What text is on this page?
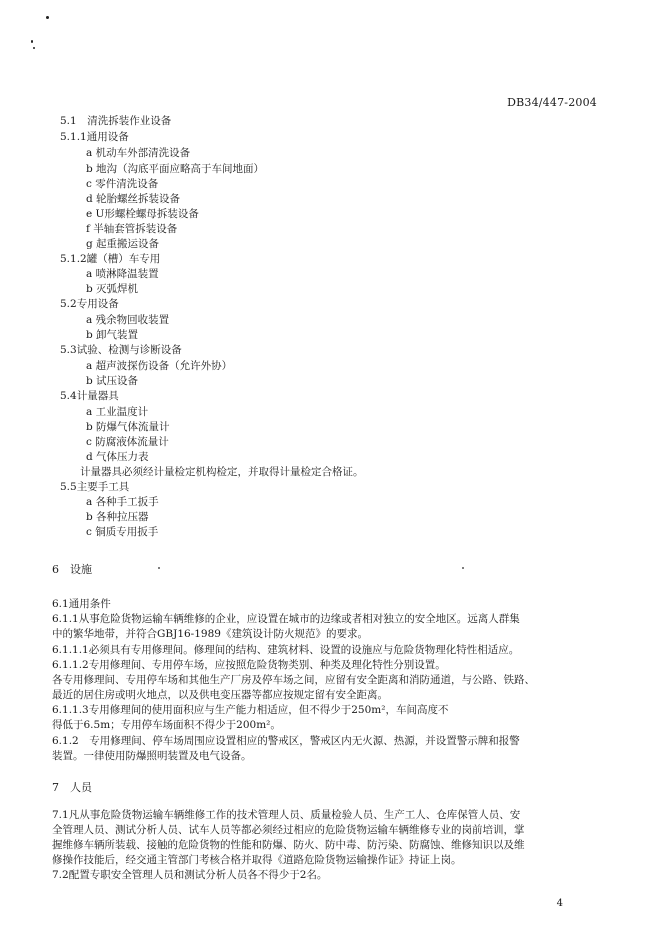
DB34/447-2004
5.1　清洗拆装作业设备
5.1.1通用设备
a 机动车外部清洗设备
b 地沟（沟底平面应略高于车间地面）
c 零件清洗设备
d 轮胎螺丝拆装设备
e U形螺栓螺母拆装设备
f 半轴套管拆装设备
g 起重搬运设备
5.1.2罐（槽）车专用
a 喷淋降温装置
b 灭弧焊机
5.2专用设备
a 残余物回收装置
b 卸气装置
5.3试验、检测与诊断设备
a 超声波探伤设备（允许外协）
b 试压设备
5.4计量器具
a 工业温度计
b 防爆气体流量计
c 防腐液体流量计
d 气体压力表
计量器具必须经计量检定机构检定，并取得计量检定合格证。
5.5主要手工具
a 各种手工扳手
b 各种拉压器
c 铜质专用扳手
6　设施
6.1通用条件
6.1.1从事危险货物运输车辆维修的企业，应设置在城市的边缘或者相对独立的安全地区。远离人群集
中的繁华地带，并符合GBJ16-1989《建筑设计防火规范》的要求。
6.1.1.1必须具有专用修理间。修理间的结构、建筑材料、设置的设施应与危险货物理化特性相适应。
6.1.1.2专用修理间、专用停车场，应按照危险货物类别、种类及理化特性分别设置。
各专用修理间、专用停车场和其他生产厂房及停车场之间，应留有安全距离和消防通道，与公路、铁路、
最近的居住房或明火地点，以及供电变压器等都应按规定留有安全距离。
6.1.1.3专用修理间的使用面积应与生产能力相适应，但不得少于250m²，车间高度不
得低于6.5m；专用停车场面积不得少于200m²。
6.1.2　专用修理间、停车场周围应设置相应的警戒区，警戒区内无火源、热源，并设置警示牌和报警
装置。一律使用防爆照明装置及电气设备。
7　人员
7.1凡从事危险货物运输车辆维修工作的技术管理人员、质量检验人员、生产工人、仓库保管人员、安
全管理人员、测试分析人员、试车人员等都必须经过相应的危险货物运输车辆维修专业的岗前培训，掌
握维修车辆所装载、接触的危险货物的性能和防爆、防火、防中毒、防污染、防腐蚀、维修知识以及维
修操作技能后，经交通主管部门考核合格并取得《道路危险货物运输操作证》持证上岗。
7.2配置专职安全管理人员和测试分析人员各不得少于2名。
4
